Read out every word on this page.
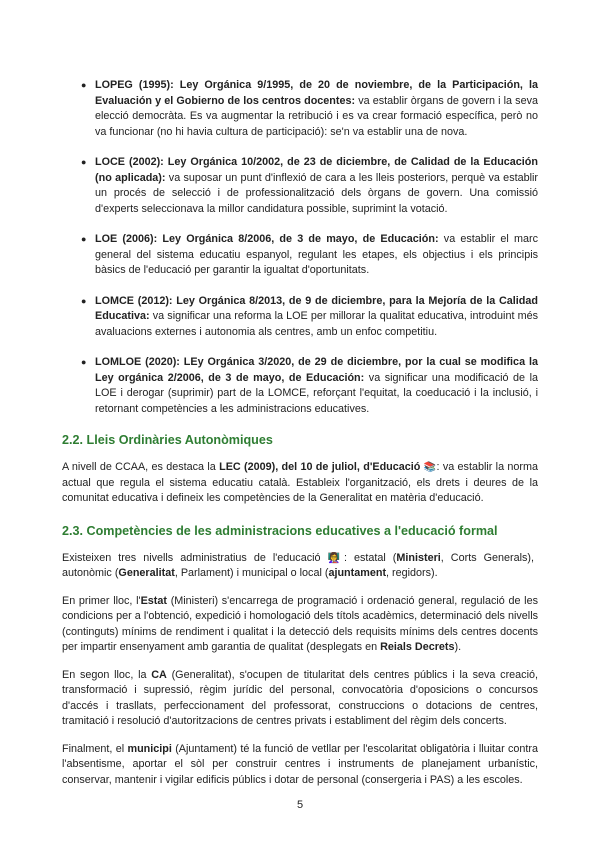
● LOPEG (1995): Ley Orgánica 9/1995, de 20 de noviembre, de la Participación, la Evaluación y el Gobierno de los centros docentes: va establir òrgans de govern i la seva elecció democràta. Es va augmentar la retribució i es va crear formació específica, però no va funcionar (no hi havia cultura de participació): se'n va establir una de nova.
● LOCE (2002): Ley Orgánica 10/2002, de 23 de diciembre, de Calidad de la Educación (no aplicada): va suposar un punt d'inflexió de cara a les lleis posteriors, perquè va establir un procés de selecció i de professionalització dels òrgans de govern. Una comissió d'experts seleccionava la millor candidatura possible, suprimint la votació.
● LOE (2006): Ley Orgánica 8/2006, de 3 de mayo, de Educación: va establir el marc general del sistema educatiu espanyol, regulant les etapes, els objectius i els principis bàsics de l'educació per garantir la igualtat d'oportunitats.
● LOMCE (2012): Ley Orgánica 8/2013, de 9 de diciembre, para la Mejoría de la Calidad Educativa: va significar una reforma la LOE per millorar la qualitat educativa, introduint més avaluacions externes i autonomia als centres, amb un enfoc competitiu.
● LOMLOE (2020): LEy Orgánica 3/2020, de 29 de diciembre, por la cual se modifica la Ley orgánica 2/2006, de 3 de mayo, de Educación: va significar una modificació de la LOE i derogar (suprimir) part de la LOMCE, reforçant l'equitat, la coeducació i la inclusió, i retornant competències a les administracions educatives.
2.2. Lleis Ordinàries Autonòmiques

A nivell de CCAA, es destaca la LEC (2009), del 10 de juliol, d'Educació 📚: va establir la norma actual que regula el sistema educatiu català. Estableix l'organització, els drets i deures de la comunitat educativa i defineix les competències de la Generalitat en matèria d'educació.

2.3. Competències de les administracions educatives a l'educació formal

Existeixen tres nivells administratius de l'educació 👩‍🏫: estatal (Ministeri, Corts Generals), autonòmic (Generalitat, Parlament) i municipal o local (ajuntament, regidors).

En primer lloc, l'Estat (Ministeri) s'encarrega de programació i ordenació general, regulació de les condicions per a l'obtenció, expedició i homologació dels títols acadèmics, determinació dels nivells (continguts) mínims de rendiment i qualitat i la detecció dels requisits mínims dels centres docents per impartir ensenyament amb garantia de qualitat (desplegats en Reials Decrets).

En segon lloc, la CA (Generalitat), s'ocupen de titularitat dels centres públics i la seva creació, transformació i supressió, règim jurídic del personal, convocatòria d'oposicions o concursos d'accés i trasllats, perfeccionament del professorat, construccions o dotacions de centres, tramitació i resolució d'autoritzacions de centres privats i establiment del règim dels concerts.

Finalment, el municipi (Ajuntament) té la funció de vetllar per l'escolaritat obligatòria i lluitar contra l'absentisme, aportar el sòl per construir centres i instruments de planejament urbanístic, conservar, mantenir i vigilar edificis públics i dotar de personal (consergeria i PAS) a les escoles.

5
